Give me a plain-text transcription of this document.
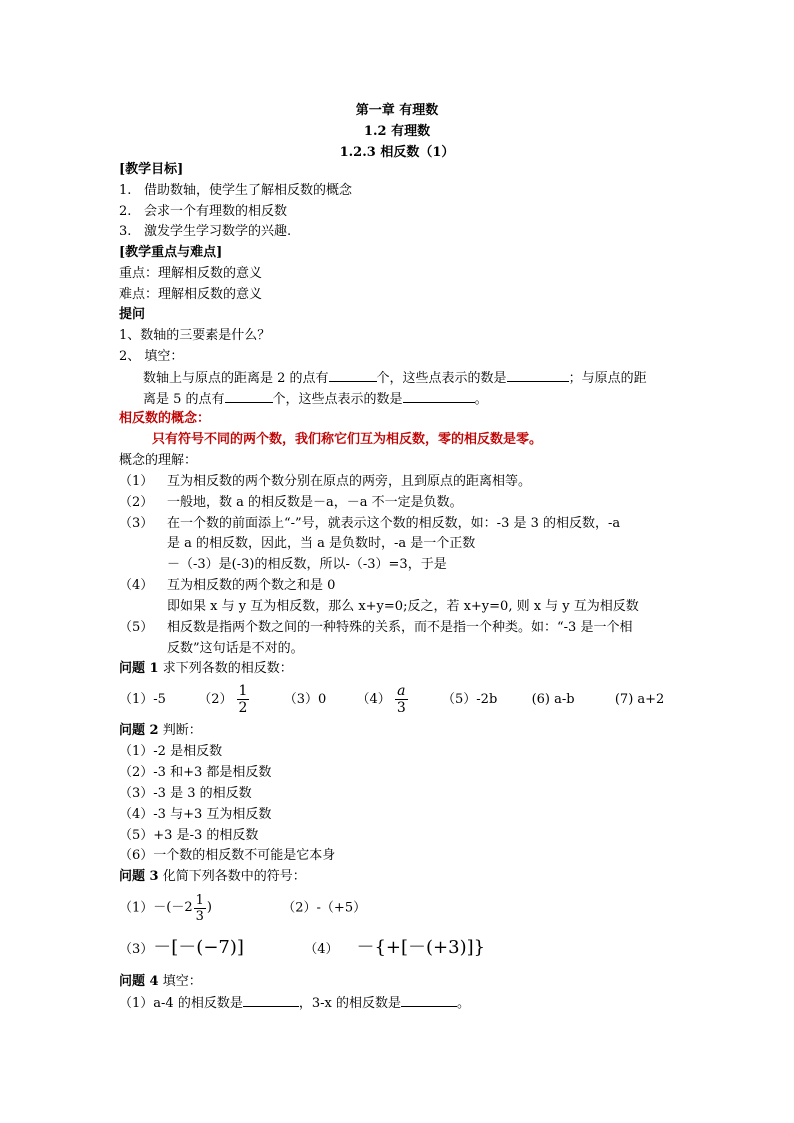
第一章 有理数
1.2 有理数
1.2.3 相反数（1）
[教学目标]
1. 借助数轴，使学生了解相反数的概念
2. 会求一个有理数的相反数
3. 激发学生学习数学的兴趣.
[教学重点与难点]
重点：理解相反数的意义
难点：理解相反数的意义
提问
1、数轴的三要素是什么？
2、 填空：
数轴上与原点的距离是 2 的点有	个，这些点表示的数是	；与原点的距
离是 5 的点有	个，这些点表示的数是	。
相反数的概念：
只有符号不同的两个数，我们称它们互为相反数，零的相反数是零。
概念的理解：
（1） 互为相反数的两个数分别在原点的两旁，且到原点的距离相等。
（2） 一般地，数 a 的相反数是－a，－a 不一定是负数。
（3） 在一个数的前面添上“-”号，就表示这个数的相反数，如：-3 是 3 的相反数，-a
是 a 的相反数，因此，当 a 是负数时，-a 是一个正数
－（-3）是(-3)的相反数，所以-（-3）=3，于是
（4） 互为相反数的两个数之和是 0
即如果 x 与 y 互为相反数，那么 x+y=0;反之，若 x+y=0, 则 x 与 y 互为相反数
（5） 相反数是指两个数之间的一种特殊的关系，而不是指一个种类。如：“-3 是一个相
反数”这句话是不对的。
问题 1 求下列各数的相反数：
（1）-5 $(2) \frac{1}{2}$	（3）0 $(4) \frac{a}{3}$	（5）-2b	(6) a-b	(7) a+2
问题 2 判断：
（1）-2 是相反数
（2）-3 和+3 都是相反数
（3）-3 是 3 的相反数
（4）-3 与+3 互为相反数
（5）+3 是-3 的相反数
（6）一个数的相反数不可能是它本身
问题 3 化简下列各数中的符号：
$(1) -(-2 \frac{1}{3}$ )	（2）-（+5）
（3）－[－(−7)]	（4） －{+[－(+3)]}
问题 4 填空：
（1）a-4 的相反数是	，3-x 的相反数是	。
